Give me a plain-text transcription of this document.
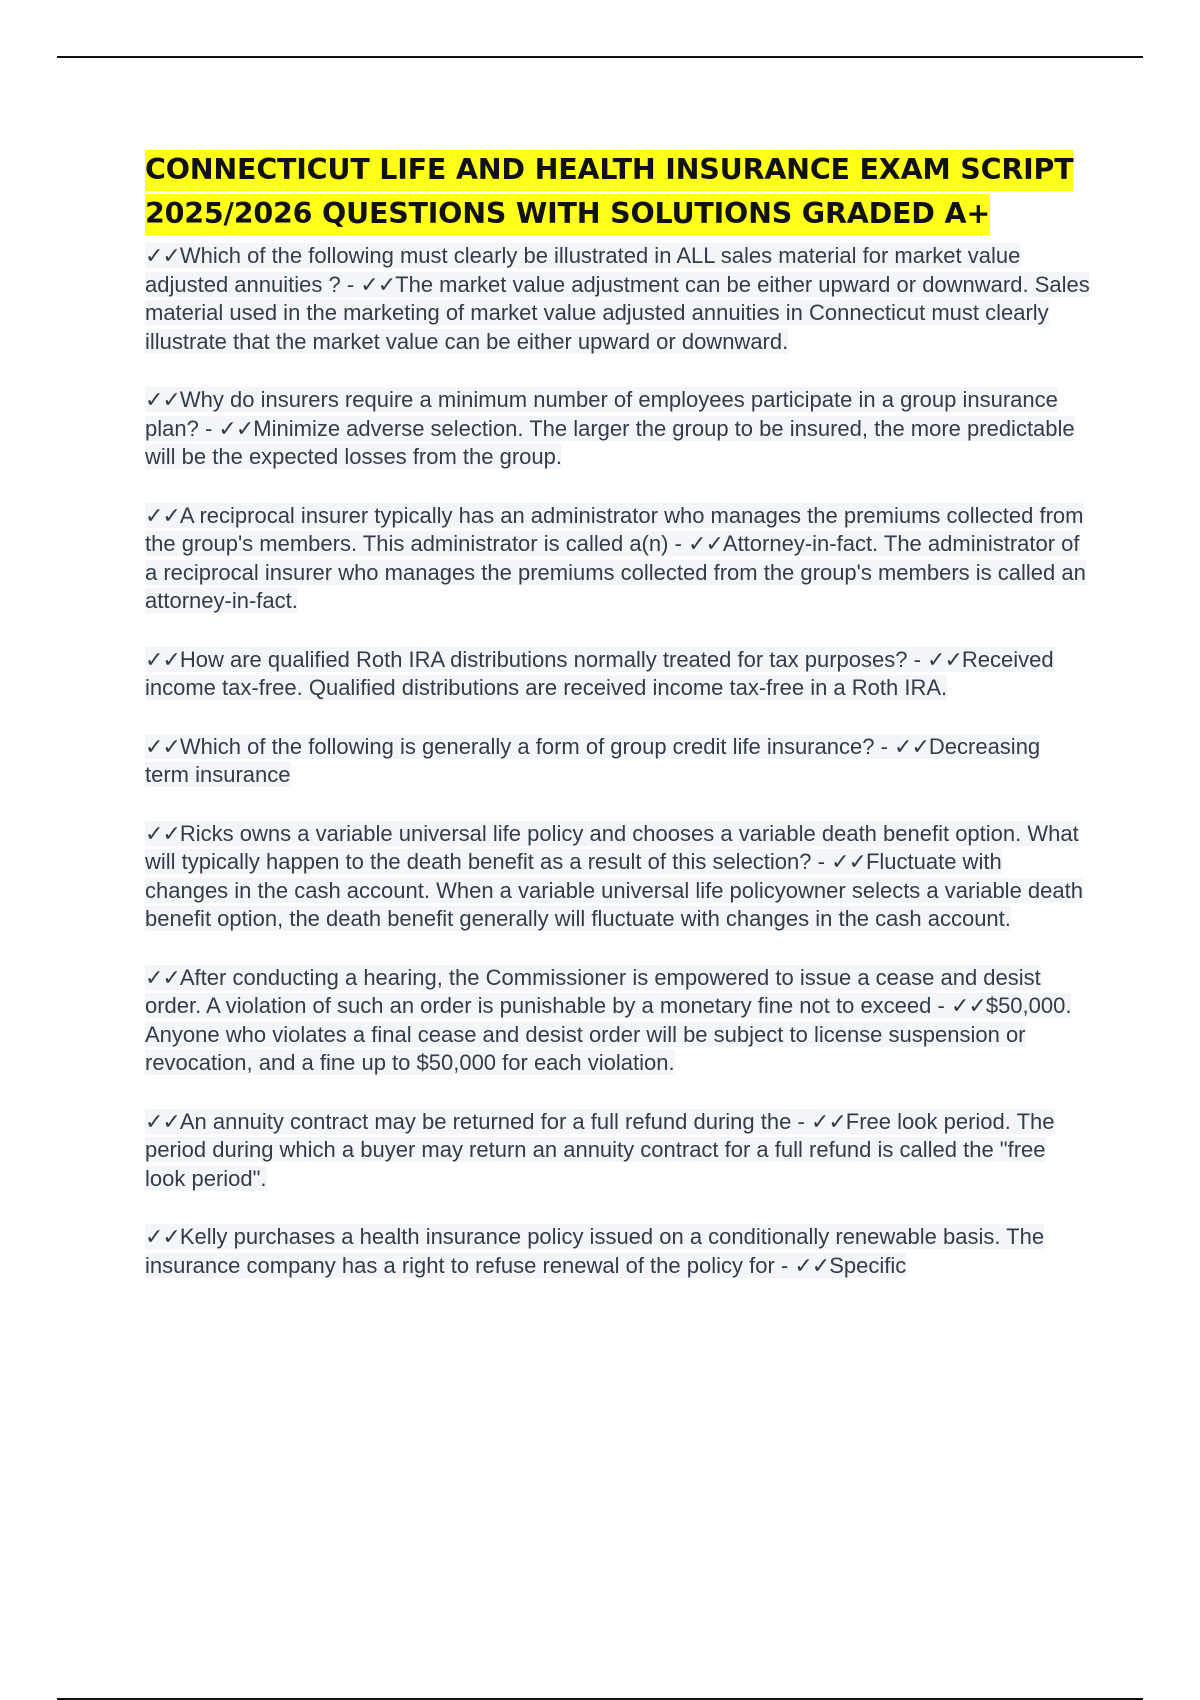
CONNECTICUT LIFE AND HEALTH INSURANCE EXAM SCRIPT 2025/2026 QUESTIONS WITH SOLUTIONS GRADED A+

✓✓Which of the following must clearly be illustrated in ALL sales material for market value adjusted annuities ? - ✓✓The market value adjustment can be either upward or downward. Sales material used in the marketing of market value adjusted annuities in Connecticut must clearly illustrate that the market value can be either upward or downward.

✓✓Why do insurers require a minimum number of employees participate in a group insurance plan? - ✓✓Minimize adverse selection. The larger the group to be insured, the more predictable will be the expected losses from the group.

✓✓A reciprocal insurer typically has an administrator who manages the premiums collected from the group's members. This administrator is called a(n) - ✓✓Attorney-in-fact. The administrator of a reciprocal insurer who manages the premiums collected from the group's members is called an attorney-in-fact.

✓✓How are qualified Roth IRA distributions normally treated for tax purposes? - ✓✓Received income tax-free. Qualified distributions are received income tax-free in a Roth IRA.

✓✓Which of the following is generally a form of group credit life insurance? - ✓✓Decreasing term insurance

✓✓Ricks owns a variable universal life policy and chooses a variable death benefit option. What will typically happen to the death benefit as a result of this selection? - ✓✓Fluctuate with changes in the cash account. When a variable universal life policyowner selects a variable death benefit option, the death benefit generally will fluctuate with changes in the cash account.

✓✓After conducting a hearing, the Commissioner is empowered to issue a cease and desist order. A violation of such an order is punishable by a monetary fine not to exceed - ✓✓$50,000. Anyone who violates a final cease and desist order will be subject to license suspension or revocation, and a fine up to $50,000 for each violation.

✓✓An annuity contract may be returned for a full refund during the - ✓✓Free look period. The period during which a buyer may return an annuity contract for a full refund is called the "free look period".

✓✓Kelly purchases a health insurance policy issued on a conditionally renewable basis. The insurance company has a right to refuse renewal of the policy for - ✓✓Specific
